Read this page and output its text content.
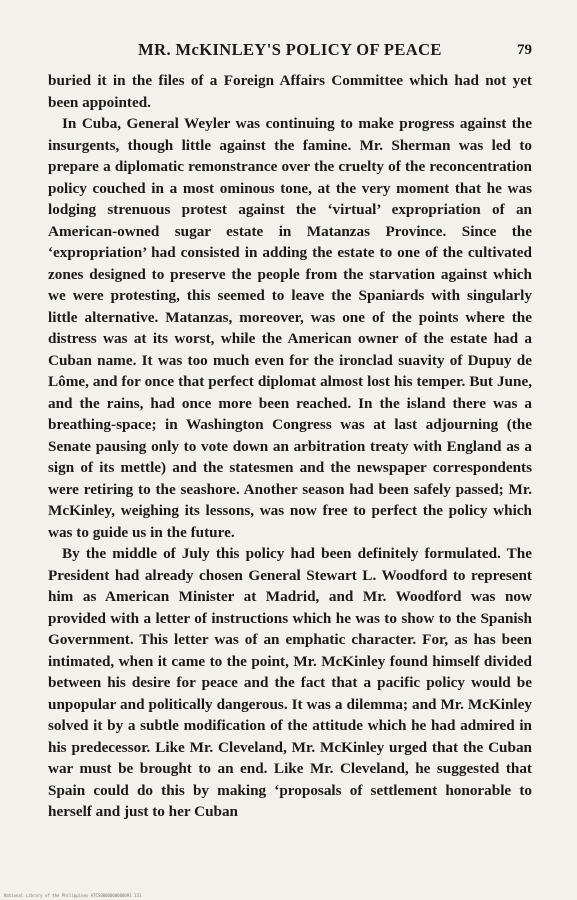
MR. McKINLEY'S POLICY OF PEACE	79

buried it in the files of a Foreign Affairs Committee which had not yet been appointed.

In Cuba, General Weyler was continuing to make progress against the insurgents, though little against the famine. Mr. Sherman was led to prepare a diplomatic remonstrance over the cruelty of the reconcentration policy couched in a most ominous tone, at the very moment that he was lodging strenuous protest against the ‘virtual’ expropriation of an American-owned sugar estate in Matanzas Province. Since the ‘expropriation’ had consisted in adding the estate to one of the cultivated zones designed to preserve the people from the starvation against which we were protesting, this seemed to leave the Spaniards with singularly little alternative. Matanzas, moreover, was one of the points where the distress was at its worst, while the American owner of the estate had a Cuban name. It was too much even for the ironclad suavity of Dupuy de Lôme, and for once that perfect diplomat almost lost his temper. But June, and the rains, had once more been reached. In the island there was a breathing-space; in Washington Congress was at last adjourning (the Senate pausing only to vote down an arbitration treaty with England as a sign of its mettle) and the statesmen and the newspaper correspondents were retiring to the seashore. Another season had been safely passed; Mr. McKinley, weighing its lessons, was now free to perfect the policy which was to guide us in the future.

By the middle of July this policy had been definitely formulated. The President had already chosen General Stewart L. Woodford to represent him as American Minister at Madrid, and Mr. Woodford was now provided with a letter of instructions which he was to show to the Spanish Government. This letter was of an emphatic character. For, as has been intimated, when it came to the point, Mr. McKinley found himself divided between his desire for peace and the fact that a pacific policy would be unpopular and politically dangerous. It was a dilemma; and Mr. McKinley solved it by a subtle modification of the attitude which he had admired in his predecessor. Like Mr. Cleveland, Mr. McKinley urged that the Cuban war must be brought to an end. Like Mr. Cleveland, he suggested that Spain could do this by making ‘proposals of settlement honorable to herself and just to her Cuban

National Library of the Philippines ATCS0000000000091 131
